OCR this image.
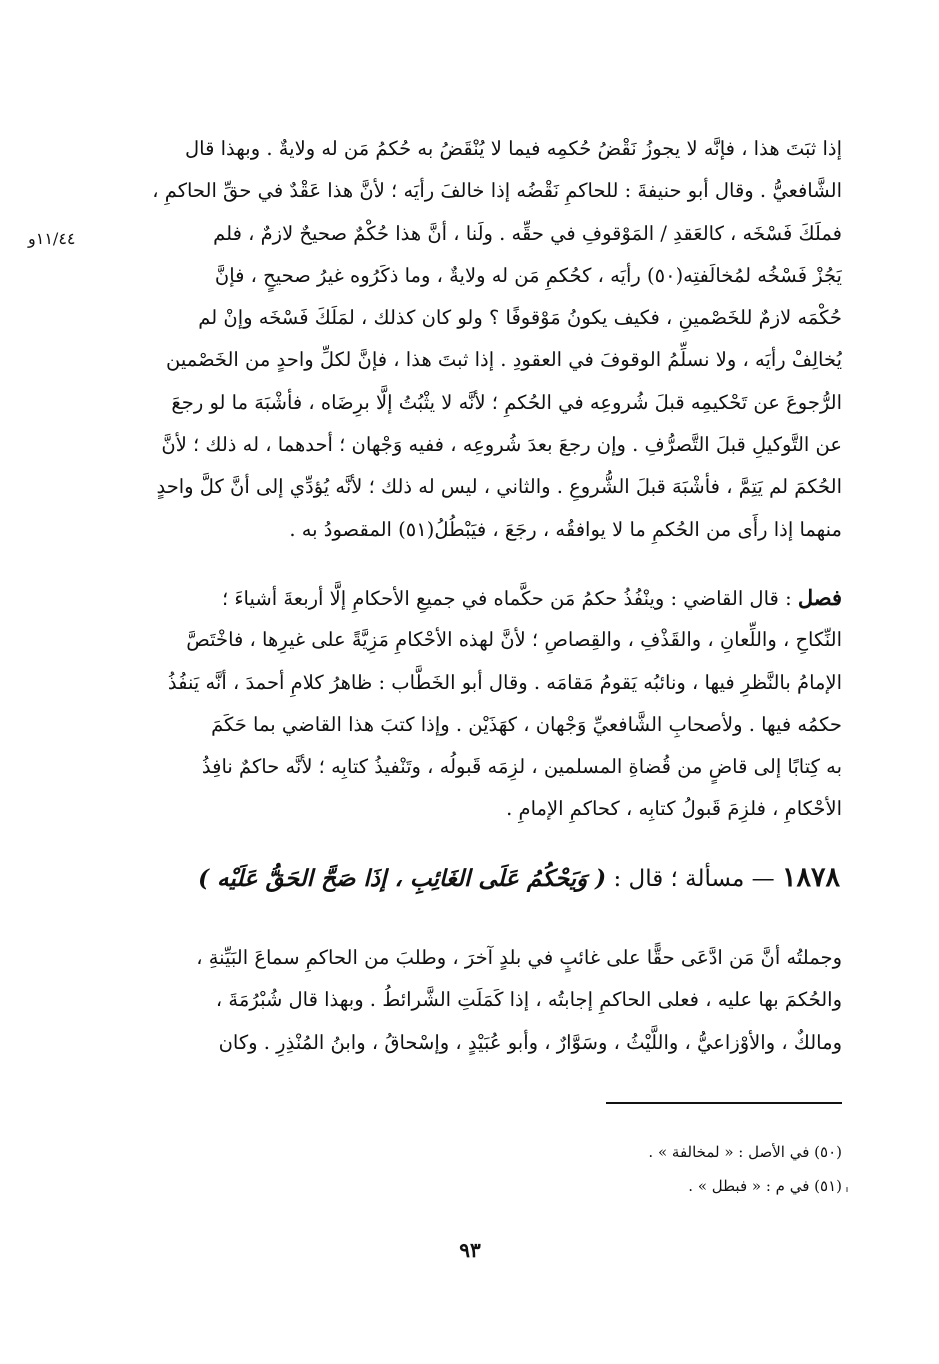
١١/٤٤و
إذا ثبَتَ هذا ، فإنَّه لا يجوزُ نَقْضُ حُكمِه فيما لا يُنْقَضُ به حُكمُ مَن له ولايةٌ . وبهذا قال
الشَّافعيُّ . وقال أبو حنيفةَ : للحاكمِ نَقْضُه إذا خالفَ رأيَه ؛ لأنَّ هذا عَقْدٌ في حقِّ الحاكمِ ،
فملَكَ فَسْخَه ، كالعَقدِ / المَوْقوفِ في حقِّه . ولَنا ، أنَّ هذا حُكْمٌ صحيحٌ لازمٌ ، فلم
يَجُزْ فَسْخُه لمُخالَفتِه(٥٠) رأيَه ، كحُكمِ مَن له ولايةٌ ، وما ذكَرُوه غيرُ صحيحٍ ، فإنَّ
حُكْمَه لازمٌ للخَصْمينِ ، فكيف يكونُ مَوْقوفًا ؟ ولو كان كذلك ، لمَلَكَ فَسْخَه وإنْ لم
يُخالِفْ رأيَه ، ولا نسلِّمُ الوقوفَ في العقودِ . إذا ثبتَ هذا ، فإنَّ لكلِّ واحدٍ من الخَصْمين
الرُّجوعَ عن تَحْكيمِه قبلَ شُروعِه في الحُكمِ ؛ لأنَّه لا يثْبُتُ إلَّا برِضَاه ، فأشْبَهَ ما لو رجعَ
عن التَّوكيلِ قبلَ التَّصرُّفِ . وإن رجعَ بعدَ شُروعِه ، ففيه وَجْهان ؛ أحدهما ، له ذلك ؛ لأنَّ
الحُكمَ لم يَتِمَّ ، فأشْبَهَ قبلَ الشُّروعِ . والثاني ، ليس له ذلك ؛ لأنَّه يُؤدِّي إلى أنَّ كلَّ واحدٍ
منهما إذا رأَى من الحُكمِ ما لا يوافقُه ، رجَعَ ، فيَبْطُلُ(٥١) المقصودُ به .
فصل : قال القاضي : وينْفُذُ حكمُ مَن حكَّماه في جميعِ الأحكامِ إلَّا أربعةَ أشياءَ ؛
النِّكاحِ ، واللِّعانِ ، والقَذْفِ ، والقِصاصِ ؛ لأنَّ لهذه الأحْكامِ مَزِيَّةً على غيرِها ، فاخْتَصَّ
الإمامُ بالنَّظرِ فيها ، ونائبُه يَقومُ مَقامَه . وقال أبو الخَطَّاب : ظاهرُ كلامِ أحمدَ ، أنَّه يَنفُذُ
حكمُه فيها . ولأصحابِ الشَّافعيِّ وَجْهان ، كهَذَيْن . وإذا كتبَ هذا القاضي بما حَكَمَ
به كِتابًا إلى قاضٍ من قُضاةِ المسلمين ، لزِمَه قَبولُه ، وتَنْفيذُ كتابِه ؛ لأنَّه حاكمٌ نافِذُ
الأحْكامِ ، فلزِمَ قَبولُ كتابِه ، كحاكمِ الإمامِ .
١٨٧٨ — مسألة ؛ قال : ( وَيَحْكُمُ عَلَى الغَائِبِ ، إذَا صَحَّ الحَقُّ عَلَيْه )
وجملتُه أنَّ مَن ادَّعَى حقًّا على غائبٍ في بلدٍ آخرَ ، وطلبَ من الحاكمِ سماعَ البَيِّنةِ ،
والحُكمَ بها عليه ، فعلى الحاكمِ إجابتُه ، إذا كَمَلَتِ الشَّرائطُ . وبهذا قال شُبْرُمَةَ ،
ومالكٌ ، والأوْزاعيُّ ، واللَّيْثُ ، وسَوَّارٌ ، وأبو عُبَيْدٍ ، وإسْحاقُ ، وابنُ المُنْذِرِ . وكان
(٥٠) في الأصل : « لمخالفة » .
(٥١) في م : « فبطل » .
٩٣
